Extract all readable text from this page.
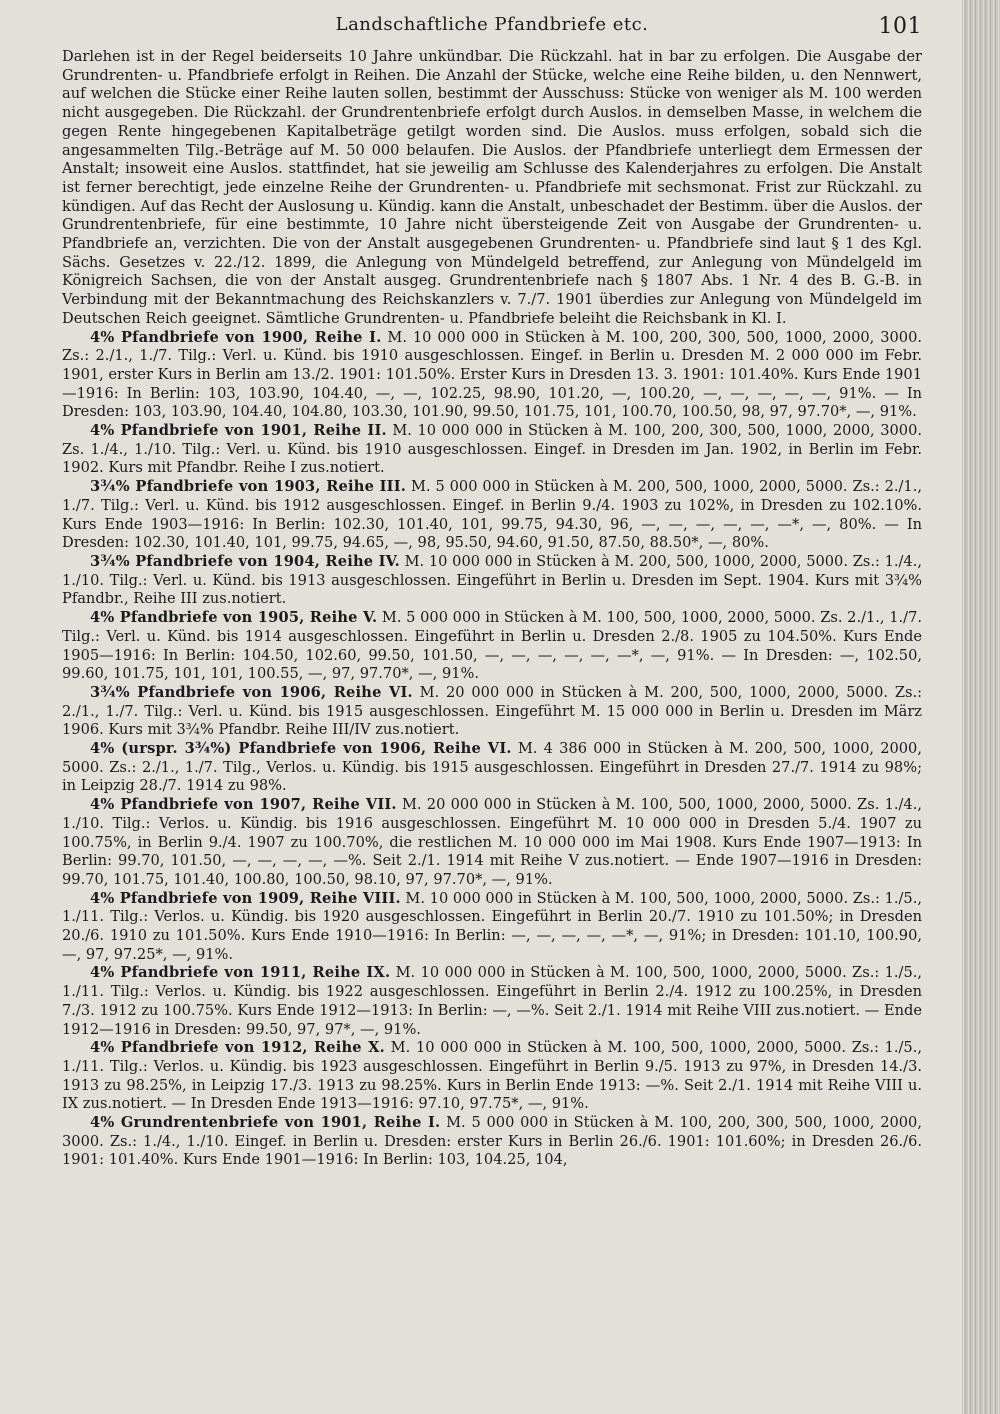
Landschaftliche Pfandbriefe etc.	101

Darlehen ist in der Regel beiderseits 10 Jahre unkündbar. Die Rückzahl. hat in bar zu erfolgen. Die Ausgabe der Grundrenten- u. Pfandbriefe erfolgt in Reihen. Die Anzahl der Stücke, welche eine Reihe bilden, u. den Nennwert, auf welchen die Stücke einer Reihe lauten sollen, bestimmt der Ausschuss: Stücke von weniger als M. 100 werden nicht ausgegeben. Die Rückzahl. der Grundrentenbriefe erfolgt durch Auslos. in demselben Masse, in welchem die gegen Rente hingegebenen Kapitalbeträge getilgt worden sind. Die Auslos. muss erfolgen, sobald sich die angesammelten Tilg.-Beträge auf M. 50 000 belaufen. Die Auslos. der Pfandbriefe unterliegt dem Ermessen der Anstalt; insoweit eine Auslos. stattfindet, hat sie jeweilig am Schlusse des Kalenderjahres zu erfolgen. Die Anstalt ist ferner berechtigt, jede einzelne Reihe der Grundrenten- u. Pfandbriefe mit sechsmonat. Frist zur Rückzahl. zu kündigen. Auf das Recht der Auslosung u. Kündig. kann die Anstalt, unbeschadet der Bestimm. über die Auslos. der Grundrentenbriefe, für eine bestimmte, 10 Jahre nicht übersteigende Zeit von Ausgabe der Grundrenten- u. Pfandbriefe an, verzichten. Die von der Anstalt ausgegebenen Grundrenten- u. Pfandbriefe sind laut § 1 des Kgl. Sächs. Gesetzes v. 22./12. 1899, die Anlegung von Mündelgeld betreffend, zur Anlegung von Mündelgeld im Königreich Sachsen, die von der Anstalt ausgeg. Grundrentenbriefe nach § 1807 Abs. 1 Nr. 4 des B. G.-B. in Verbindung mit der Bekanntmachung des Reichskanzlers v. 7./7. 1901 überdies zur Anlegung von Mündelgeld im Deutschen Reich geeignet. Sämtliche Grundrenten- u. Pfandbriefe beleiht die Reichsbank in Kl. I.

4% Pfandbriefe von 1900, Reihe I. M. 10 000 000 in Stücken à M. 100, 200, 300, 500, 1000, 2000, 3000. Zs.: 2./1., 1./7. Tilg.: Verl. u. Künd. bis 1910 ausgeschlossen. Eingef. in Berlin u. Dresden M. 2 000 000 im Febr. 1901, erster Kurs in Berlin am 13./2. 1901: 101.50%. Erster Kurs in Dresden 13. 3. 1901: 101.40%. Kurs Ende 1901—1916: In Berlin: 103, 103.90, 104.40, —, —, 102.25, 98.90, 101.20, —, 100.20, —, —, —, —, —, 91%. — In Dresden: 103, 103.90, 104.40, 104.80, 103.30, 101.90, 99.50, 101.75, 101, 100.70, 100.50, 98, 97, 97.70*, —, 91%.

4% Pfandbriefe von 1901, Reihe II. M. 10 000 000 in Stücken à M. 100, 200, 300, 500, 1000, 2000, 3000. Zs. 1./4., 1./10. Tilg.: Verl. u. Künd. bis 1910 ausgeschlossen. Eingef. in Dresden im Jan. 1902, in Berlin im Febr. 1902. Kurs mit Pfandbr. Reihe I zus.notiert.

3¾% Pfandbriefe von 1903, Reihe III. M. 5 000 000 in Stücken à M. 200, 500, 1000, 2000, 5000. Zs.: 2./1., 1./7. Tilg.: Verl. u. Künd. bis 1912 ausgeschlossen. Eingef. in Berlin 9./4. 1903 zu 102%, in Dresden zu 102.10%. Kurs Ende 1903—1916: In Berlin: 102.30, 101.40, 101, 99.75, 94.30, 96, —, —, —, —, —, —*, —, 80%. — In Dresden: 102.30, 101.40, 101, 99.75, 94.65, —, 98, 95.50, 94.60, 91.50, 87.50, 88.50*, —, 80%.

3¾% Pfandbriefe von 1904, Reihe IV. M. 10 000 000 in Stücken à M. 200, 500, 1000, 2000, 5000. Zs.: 1./4., 1./10. Tilg.: Verl. u. Künd. bis 1913 ausgeschlossen. Eingeführt in Berlin u. Dresden im Sept. 1904. Kurs mit 3¾% Pfandbr., Reihe III zus.notiert.

4% Pfandbriefe von 1905, Reihe V. M. 5 000 000 in Stücken à M. 100, 500, 1000, 2000, 5000. Zs. 2./1., 1./7. Tilg.: Verl. u. Künd. bis 1914 ausgeschlossen. Eingeführt in Berlin u. Dresden 2./8. 1905 zu 104.50%. Kurs Ende 1905—1916: In Berlin: 104.50, 102.60, 99.50, 101.50, —, —, —, —, —, —*, —, 91%. — In Dresden: —, 102.50, 99.60, 101.75, 101, 101, 100.55, —, 97, 97.70*, —, 91%.

3¾% Pfandbriefe von 1906, Reihe VI. M. 20 000 000 in Stücken à M. 200, 500, 1000, 2000, 5000. Zs.: 2./1., 1./7. Tilg.: Verl. u. Künd. bis 1915 ausgeschlossen. Eingeführt M. 15 000 000 in Berlin u. Dresden im März 1906. Kurs mit 3¾% Pfandbr. Reihe III/IV zus.notiert.

4% (urspr. 3¾%) Pfandbriefe von 1906, Reihe VI. M. 4 386 000 in Stücken à M. 200, 500, 1000, 2000, 5000. Zs.: 2./1., 1./7. Tilg., Verlos. u. Kündig. bis 1915 ausgeschlossen. Eingeführt in Dresden 27./7. 1914 zu 98%; in Leipzig 28./7. 1914 zu 98%.

4% Pfandbriefe von 1907, Reihe VII. M. 20 000 000 in Stücken à M. 100, 500, 1000, 2000, 5000. Zs. 1./4., 1./10. Tilg.: Verlos. u. Kündig. bis 1916 ausgeschlossen. Eingeführt M. 10 000 000 in Dresden 5./4. 1907 zu 100.75%, in Berlin 9./4. 1907 zu 100.70%, die restlichen M. 10 000 000 im Mai 1908. Kurs Ende 1907—1913: In Berlin: 99.70, 101.50, —, —, —, —, —%. Seit 2./1. 1914 mit Reihe V zus.notiert. — Ende 1907—1916 in Dresden: 99.70, 101.75, 101.40, 100.80, 100.50, 98.10, 97, 97.70*, —, 91%.

4% Pfandbriefe von 1909, Reihe VIII. M. 10 000 000 in Stücken à M. 100, 500, 1000, 2000, 5000. Zs.: 1./5., 1./11. Tilg.: Verlos. u. Kündig. bis 1920 ausgeschlossen. Eingeführt in Berlin 20./7. 1910 zu 101.50%; in Dresden 20./6. 1910 zu 101.50%. Kurs Ende 1910—1916: In Berlin: —, —, —, —, —*, —, 91%; in Dresden: 101.10, 100.90, —, 97, 97.25*, —, 91%.

4% Pfandbriefe von 1911, Reihe IX. M. 10 000 000 in Stücken à M. 100, 500, 1000, 2000, 5000. Zs.: 1./5., 1./11. Tilg.: Verlos. u. Kündig. bis 1922 ausgeschlossen. Eingeführt in Berlin 2./4. 1912 zu 100.25%, in Dresden 7./3. 1912 zu 100.75%. Kurs Ende 1912—1913: In Berlin: —, —%. Seit 2./1. 1914 mit Reihe VIII zus.notiert. — Ende 1912—1916 in Dresden: 99.50, 97, 97*, —, 91%.

4% Pfandbriefe von 1912, Reihe X. M. 10 000 000 in Stücken à M. 100, 500, 1000, 2000, 5000. Zs.: 1./5., 1./11. Tilg.: Verlos. u. Kündig. bis 1923 ausgeschlossen. Eingeführt in Berlin 9./5. 1913 zu 97%, in Dresden 14./3. 1913 zu 98.25%, in Leipzig 17./3. 1913 zu 98.25%. Kurs in Berlin Ende 1913: —%. Seit 2./1. 1914 mit Reihe VIII u. IX zus.notiert. — In Dresden Ende 1913—1916: 97.10, 97.75*, —, 91%.

4% Grundrentenbriefe von 1901, Reihe I. M. 5 000 000 in Stücken à M. 100, 200, 300, 500, 1000, 2000, 3000. Zs.: 1./4., 1./10. Eingef. in Berlin u. Dresden: erster Kurs in Berlin 26./6. 1901: 101.60%; in Dresden 26./6. 1901: 101.40%. Kurs Ende 1901—1916: In Berlin: 103, 104.25, 104,
